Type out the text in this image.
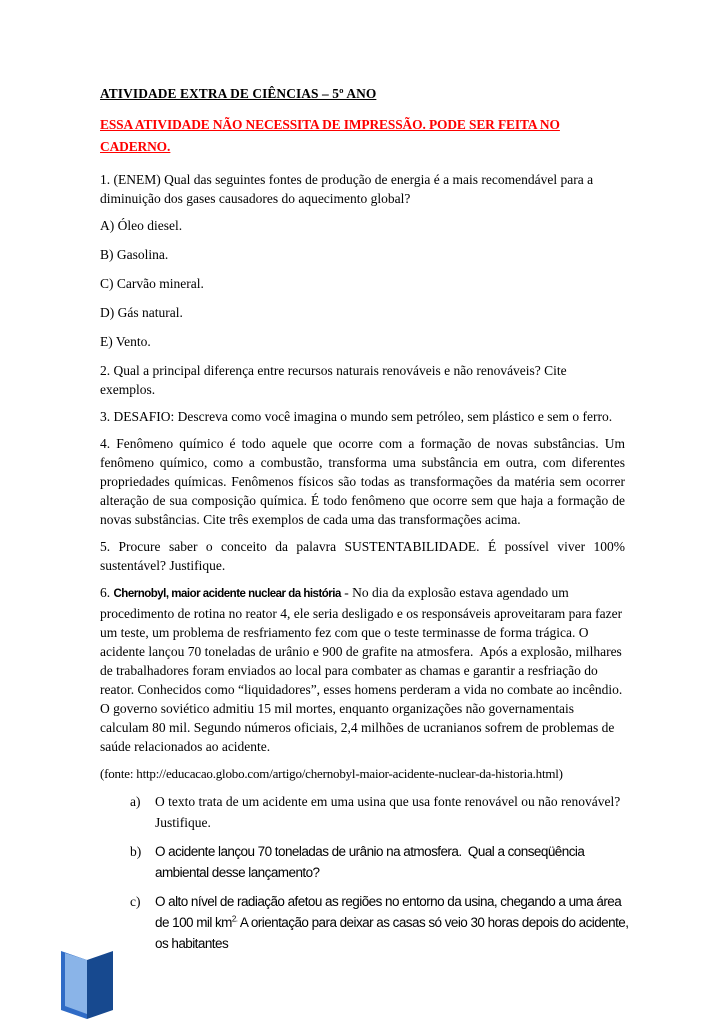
ATIVIDADE EXTRA DE CIÊNCIAS – 5º ANO
ESSA ATIVIDADE NÃO NECESSITA DE IMPRESSÃO. PODE SER FEITA NO
CADERNO.

1. (ENEM) Qual das seguintes fontes de produção de energia é a mais recomendável para a diminuição dos gases causadores do aquecimento global?

A) Óleo diesel.

B) Gasolina.

C) Carvão mineral.

D) Gás natural.

E) Vento.

2. Qual a principal diferença entre recursos naturais renováveis e não renováveis? Cite exemplos.

3. DESAFIO: Descreva como você imagina o mundo sem petróleo, sem plástico e sem o ferro.

4. Fenômeno químico é todo aquele que ocorre com a formação de novas substâncias. Um fenômeno químico, como a combustão, transforma uma substância em outra, com diferentes propriedades químicas. Fenômenos físicos são todas as transformações da matéria sem ocorrer alteração de sua composição química. É todo fenômeno que ocorre sem que haja a formação de novas substâncias. Cite três exemplos de cada uma das transformações acima.

5. Procure saber o conceito da palavra SUSTENTABILIDADE. É possível viver 100% sustentável? Justifique.

6. Chernobyl, maior acidente nuclear da história - No dia da explosão estava agendado um procedimento de rotina no reator 4, ele seria desligado e os responsáveis aproveitaram para fazer um teste, um problema de resfriamento fez com que o teste terminasse de forma trágica. O acidente lançou 70 toneladas de urânio e 900 de grafite na atmosfera.  Após a explosão, milhares de trabalhadores foram enviados ao local para combater as chamas e garantir a resfriação do reator. Conhecidos como “liquidadores”, esses homens perderam a vida no combate ao incêndio. O governo soviético admitiu 15 mil mortes, enquanto organizações não governamentais calculam 80 mil. Segundo números oficiais, 2,4 milhões de ucranianos sofrem de problemas de saúde relacionados ao acidente.

(fonte: http://educacao.globo.com/artigo/chernobyl-maior-acidente-nuclear-da-historia.html)

a)	O texto trata de um acidente em uma usina que usa fonte renovável ou não renovável? Justifique.
b)	O acidente lançou 70 toneladas de urânio na atmosfera.  Qual a conseqüência ambiental desse lançamento?
c)	O alto nível de radiação afetou as regiões no entorno da usina, chegando a uma área de 100 mil $km^{2.}$ A orientação para deixar as casas só veio 30 horas depois do acidente, os habitantes
